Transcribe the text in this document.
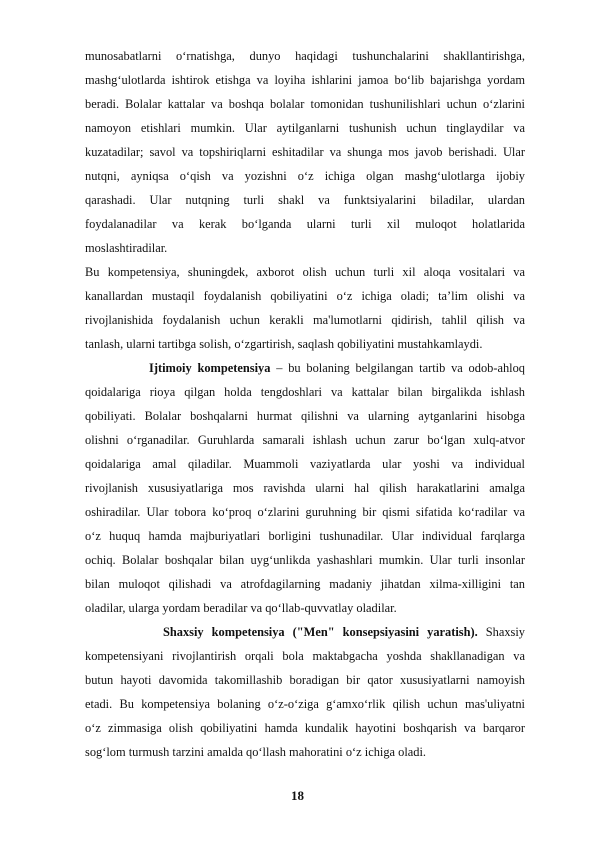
munosabatlarni o‘rnatishga, dunyo haqidagi tushunchalarini shakllantirishga,
mashg‘ulotlarda ishtirok etishga va loyiha ishlarini jamoa bo‘lib bajarishga yordam
beradi. Bolalar kattalar va boshqa bolalar tomonidan tushunilishlari uchun o‘zlarini
namoyon etishlari mumkin. Ular aytilganlarni tushunish uchun tinglaydilar va
kuzatadilar; savol va topshiriqlarni eshitadilar va shunga mos javob berishadi. Ular
nutqni, ayniqsa o‘qish va yozishni o‘z ichiga olgan mashg‘ulotlarga ijobiy
qarashadi. Ular nutqning turli shakl va funktsiyalarini biladilar, ulardan
foydalanadilar va kerak bo‘lganda ularni turli xil muloqot holatlarida
moslashtiradilar.
Bu kompetensiya, shuningdek, axborot olish uchun turli xil aloqa vositalari va
kanallardan mustaqil foydalanish qobiliyatini o‘z ichiga oladi; ta’lim olishi va
rivojlanishida foydalanish uchun kerakli ma'lumotlarni qidirish, tahlil qilish va
tanlash, ularni tartibga solish, o‘zgartirish, saqlash qobiliyatini mustahkamlaydi.
Ijtimoiy kompetensiya – bu bolaning belgilangan tartib va odob-ahloq
qoidalariga rioya qilgan holda tengdoshlari va kattalar bilan birgalikda ishlash
qobiliyati. Bolalar boshqalarni hurmat qilishni va ularning aytganlarini hisobga
olishni o‘rganadilar. Guruhlarda samarali ishlash uchun zarur bo‘lgan xulq-atvor
qoidalariga amal qiladilar. Muammoli vaziyatlarda ular yoshi va individual
rivojlanish xususiyatlariga mos ravishda ularni hal qilish harakatlarini amalga
oshiradilar. Ular tobora ko‘proq o‘zlarini guruhning bir qismi sifatida ko‘radilar va
o‘z huquq hamda majburiyatlari borligini tushunadilar. Ular individual farqlarga
ochiq. Bolalar boshqalar bilan uyg‘unlikda yashashlari mumkin. Ular turli insonlar
bilan muloqot qilishadi va atrofdagilarning madaniy jihatdan xilma-xilligini tan
oladilar, ularga yordam beradilar va qo‘llab-quvvatlay oladilar.
Shaxsiy kompetensiya ("Men" konsepsiyasini yaratish). Shaxsiy
kompetensiyani rivojlantirish orqali bola maktabgacha yoshda shakllanadigan va
butun hayoti davomida takomillashib boradigan bir qator xususiyatlarni namoyish
etadi. Bu kompetensiya bolaning o‘z-o‘ziga g‘amxo‘rlik qilish uchun mas'uliyatni
o‘z zimmasiga olish qobiliyatini hamda kundalik hayotini boshqarish va barqaror
sog‘lom turmush tarzini amalda qo‘llash mahoratini o‘z ichiga oladi.
18
